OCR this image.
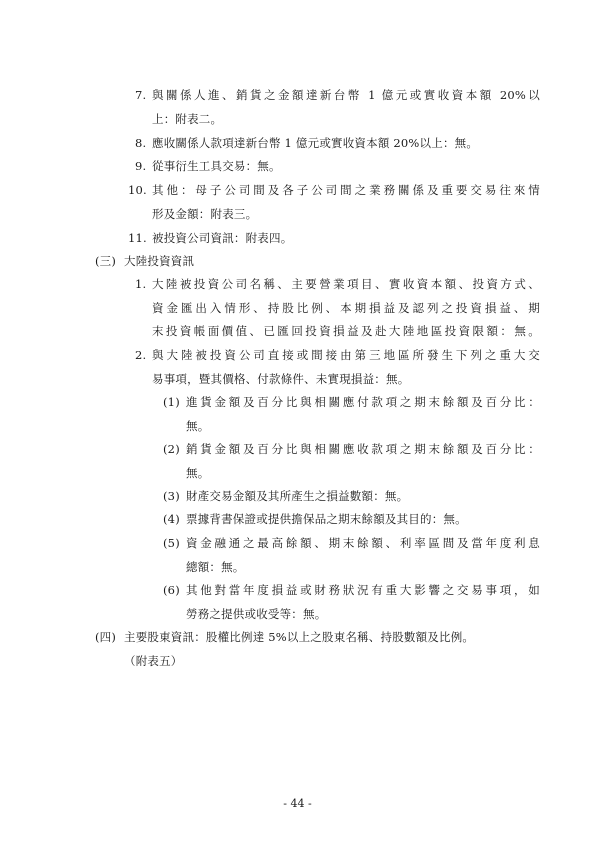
7. 與關係人進、銷貨之金額達新台幣 1 億元或實收資本額 20%以
上：附表二。
8. 應收關係人款項達新台幣 1 億元或實收資本額 20%以上：無。
9. 從事衍生工具交易：無。
10. 其他：母子公司間及各子公司間之業務關係及重要交易往來情
形及金額：附表三。
11. 被投資公司資訊：附表四。
(三) 大陸投資資訊
1. 大陸被投資公司名稱、主要營業項目、實收資本額、投資方式、
資金匯出入情形、持股比例、本期損益及認列之投資損益、期
末投資帳面價值、已匯回投資損益及赴大陸地區投資限額：無。
2. 與大陸被投資公司直接或間接由第三地區所發生下列之重大交
易事項，暨其價格、付款條件、未實現損益：無。
(1) 進貨金額及百分比與相關應付款項之期末餘額及百分比：
無。
(2) 銷貨金額及百分比與相關應收款項之期末餘額及百分比：
無。
(3) 財產交易金額及其所產生之損益數額：無。
(4) 票據背書保證或提供擔保品之期末餘額及其目的：無。
(5) 資金融通之最高餘額、期末餘額、利率區間及當年度利息
總額：無。
(6) 其他對當年度損益或財務狀況有重大影響之交易事項，如
勞務之提供或收受等：無。
(四) 主要股東資訊：股權比例達 5%以上之股東名稱、持股數額及比例。
（附表五）
- 44 -
